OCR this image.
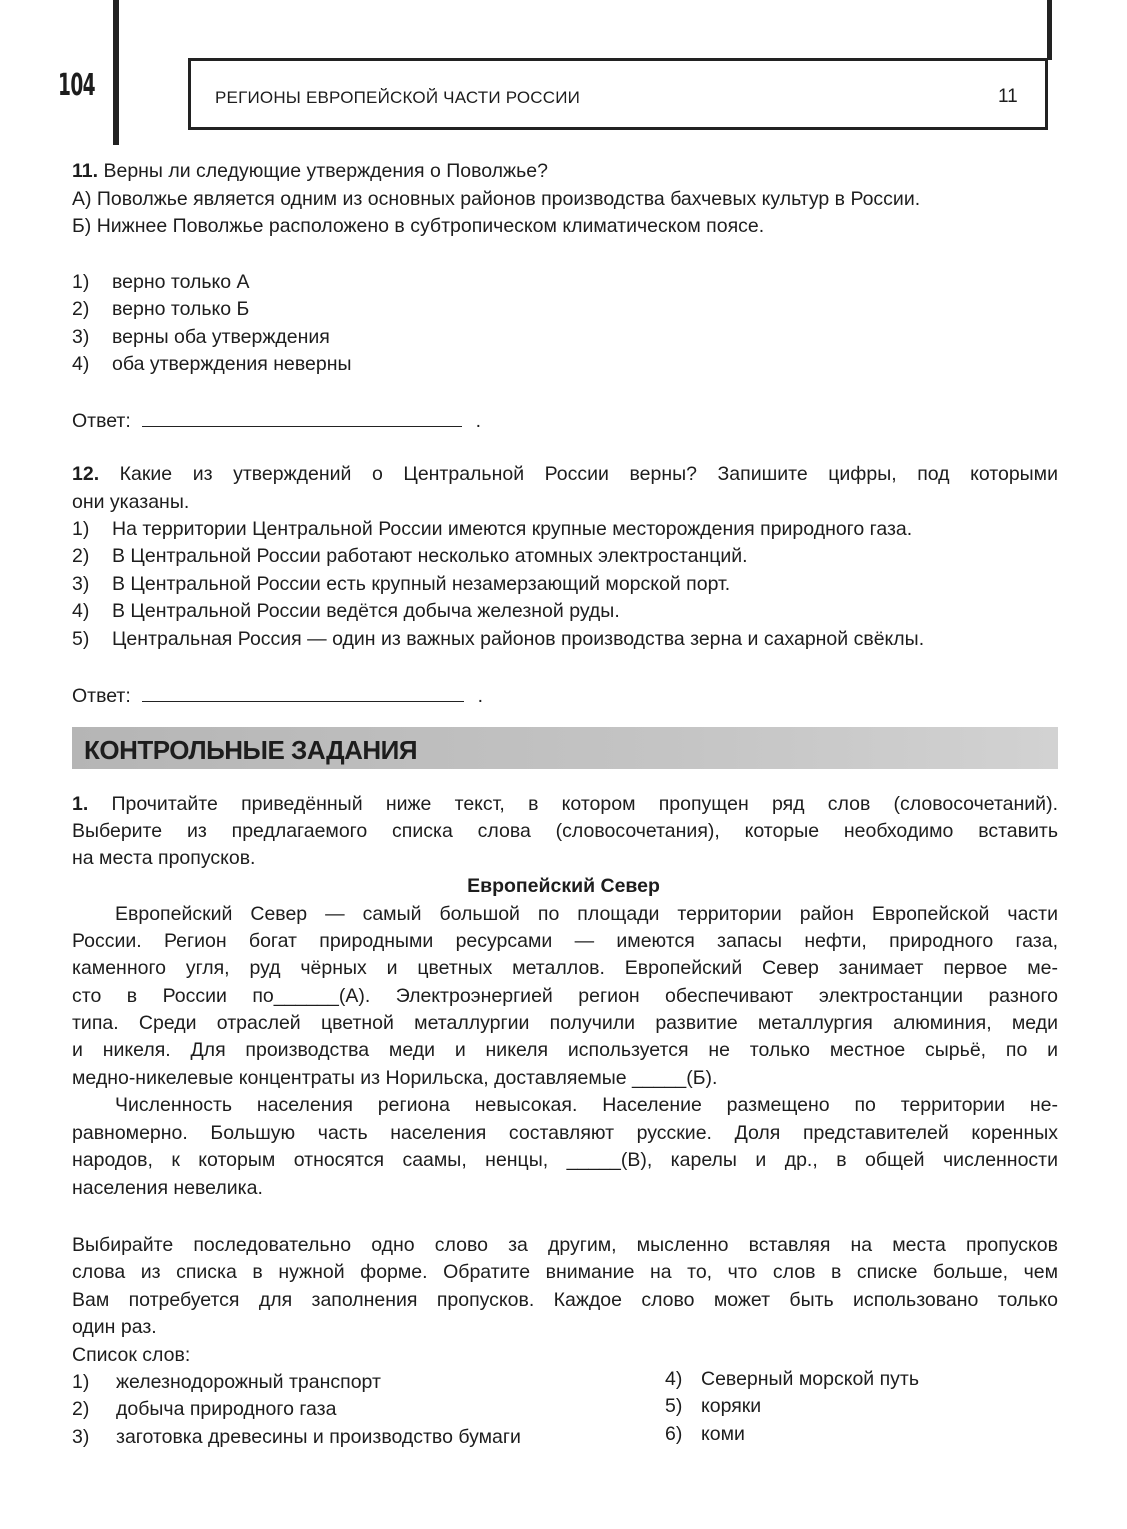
104	РЕГИОНЫ ЕВРОПЕЙСКОЙ ЧАСТИ РОССИИ	11
11. Верны ли следующие утверждения о Поволжье?
А) Поволжье является одним из основных районов производства бахчевых культур в России.
Б) Нижнее Поволжье расположено в субтропическом климатическом поясе.
1) верно только А
2) верно только Б
3) верны оба утверждения
4) оба утверждения неверны
Ответ:	.
12. Какие из утверждений о Центральной России верны? Запишите цифры, под которыми
они указаны.
1) На территории Центральной России имеются крупные месторождения природного газа.
2) В Центральной России работают несколько атомных электростанций.
3) В Центральной России есть крупный незамерзающий морской порт.
4) В Центральной России ведётся добыча железной руды.
5) Центральная Россия — один из важных районов производства зерна и сахарной свёклы.
Ответ:	.
КОНТРОЛЬНЫЕ ЗАДАНИЯ
1. Прочитайте приведённый ниже текст, в котором пропущен ряд слов (словосочетаний).
Выберите из предлагаемого списка слова (словосочетания), которые необходимо вставить
на места пропусков.
Европейский Север
Европейский Север — самый большой по площади территории район Европейской части
России. Регион богат природными ресурсами — имеются запасы нефти, природного газа,
каменного угля, руд чёрных и цветных металлов. Европейский Север занимает первое ме-
сто в России по______(А). Электроэнергией регион обеспечивают электростанции разного
типа. Среди отраслей цветной металлургии получили развитие металлургия алюминия, меди
и никеля. Для производства меди и никеля используется не только местное сырьё, по и
медно-никелевые концентраты из Норильска, доставляемые _____(Б).
Численность населения региона невысокая. Население размещено по территории не-
равномерно. Большую часть населения составляют русские. Доля представителей коренных
народов, к которым относятся саамы, ненцы, _____(В), карелы и др., в общей численности
населения невелика.
Выбирайте последовательно одно слово за другим, мысленно вставляя на места пропусков
слова из списка в нужной форме. Обратите внимание на то, что слов в списке больше, чем
Вам потребуется для заполнения пропусков. Каждое слово может быть использовано только
один раз.
Список слов:
1) железнодорожный транспорт
2) добыча природного газа
3) заготовка древесины и производство бумаги
4) Северный морской путь
5) коряки
6) коми
